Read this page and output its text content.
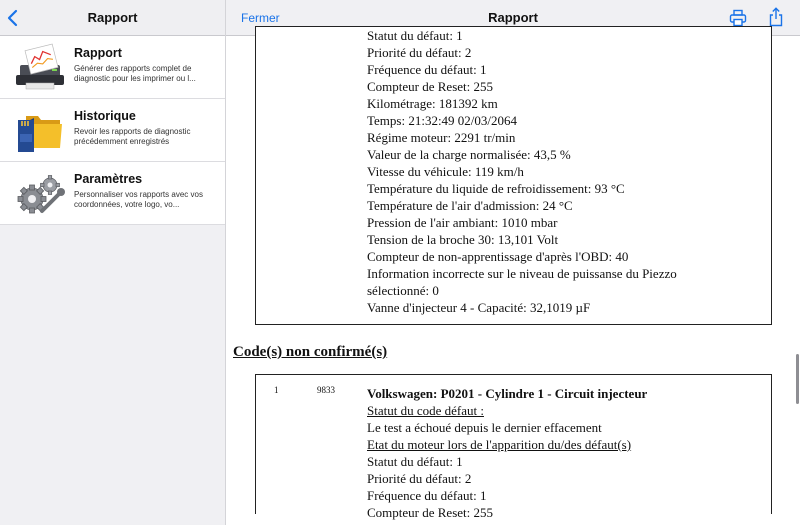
Rapport
Rapport
Générer des rapports complet de diagnostic pour les imprimer ou l...
Historique
Revoir les rapports de diagnostic précédemment enregistrés
Paramètres
Personnaliser vos rapports avec vos coordonnées, votre logo, vo...
Fermer	Rapport
Statut du défaut: 1
Priorité du défaut: 2
Fréquence du défaut: 1
Compteur de Reset: 255
Kilométrage: 181392 km
Temps: 21:32:49 02/03/2064
Régime moteur: 2291 tr/min
Valeur de la charge normalisée: 43,5 %
Vitesse du véhicule: 119 km/h
Température du liquide de refroidissement: 93 °C
Température de l'air d'admission: 24 °C
Pression de l'air ambiant: 1010 mbar
Tension de la broche 30: 13,101 Volt
Compteur de non-apprentissage d'après l'OBD: 40
Information incorrecte sur le niveau de puissanse du Piezzo
sélectionné: 0
Vanne d'injecteur 4 - Capacité: 32,1019 µF
Code(s) non confirmé(s)
1	9833 Volkswagen: P0201 - Cylindre 1 - Circuit injecteur
Statut du code défaut :
Le test a échoué depuis le dernier effacement
Etat du moteur lors de l'apparition du/des défaut(s)
Statut du défaut: 1
Priorité du défaut: 2
Fréquence du défaut: 1
Compteur de Reset: 255
